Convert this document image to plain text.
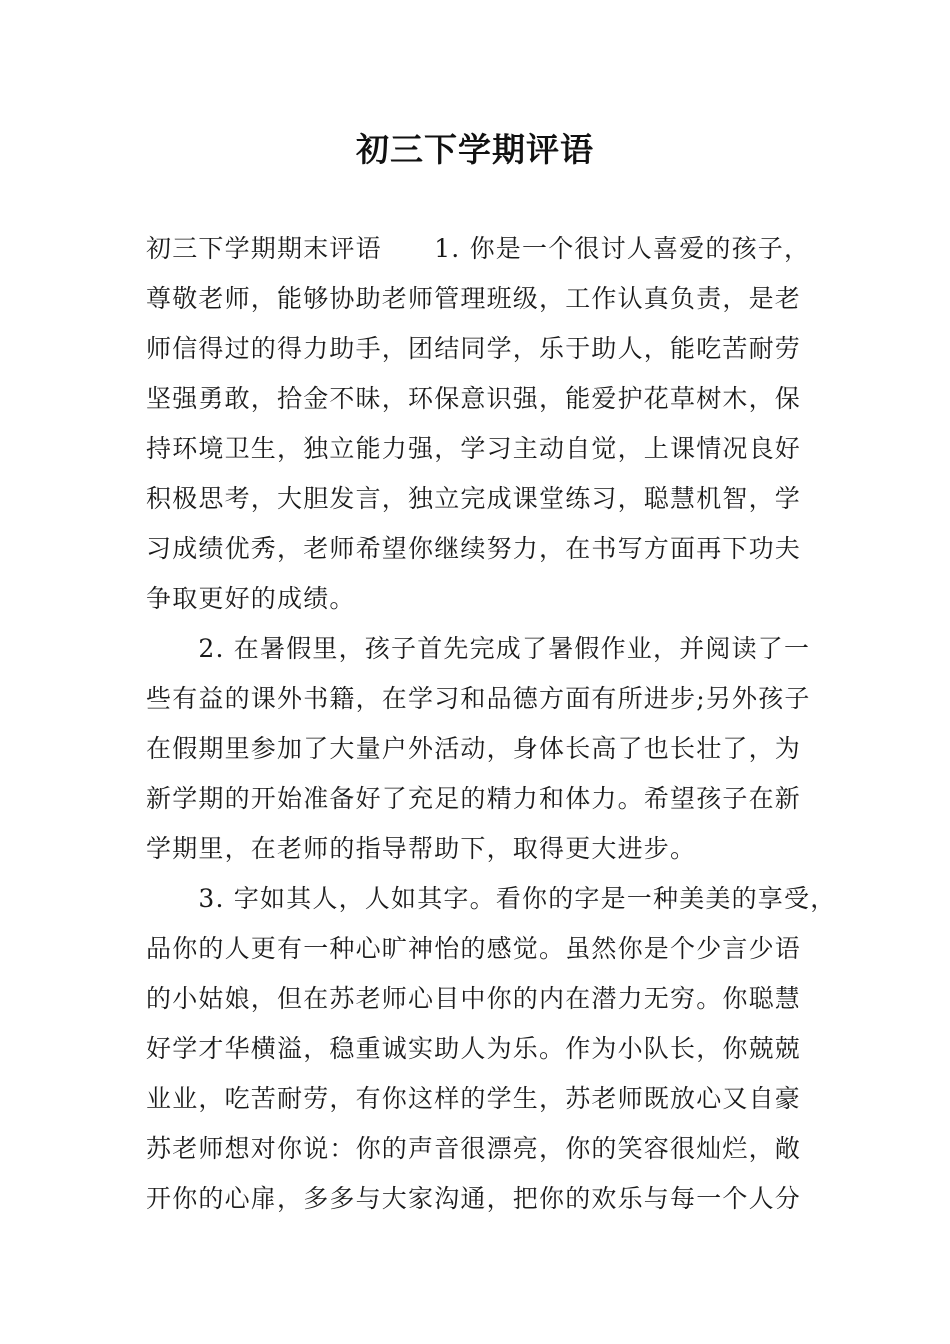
初三下学期评语
初三下学期期末评语　　1. 你是一个很讨人喜爱的孩子，
尊敬老师，能够协助老师管理班级，工作认真负责，是老
师信得过的得力助手，团结同学，乐于助人，能吃苦耐劳
坚强勇敢，拾金不昧，环保意识强，能爱护花草树木，保
持环境卫生，独立能力强，学习主动自觉，上课情况良好
积极思考，大胆发言，独立完成课堂练习，聪慧机智，学
习成绩优秀，老师希望你继续努力，在书写方面再下功夫
争取更好的成绩。
　　2. 在暑假里，孩子首先完成了暑假作业，并阅读了一
些有益的课外书籍，在学习和品德方面有所进步;另外孩子
在假期里参加了大量户外活动，身体长高了也长壮了，为
新学期的开始准备好了充足的精力和体力。希望孩子在新
学期里，在老师的指导帮助下，取得更大进步。
　　3. 字如其人，人如其字。看你的字是一种美美的享受，
品你的人更有一种心旷神怡的感觉。虽然你是个少言少语
的小姑娘，但在苏老师心目中你的内在潜力无穷。你聪慧
好学才华横溢，稳重诚实助人为乐。作为小队长，你兢兢
业业，吃苦耐劳，有你这样的学生，苏老师既放心又自豪
苏老师想对你说：你的声音很漂亮，你的笑容很灿烂，敞
开你的心扉，多多与大家沟通，把你的欢乐与每一个人分
